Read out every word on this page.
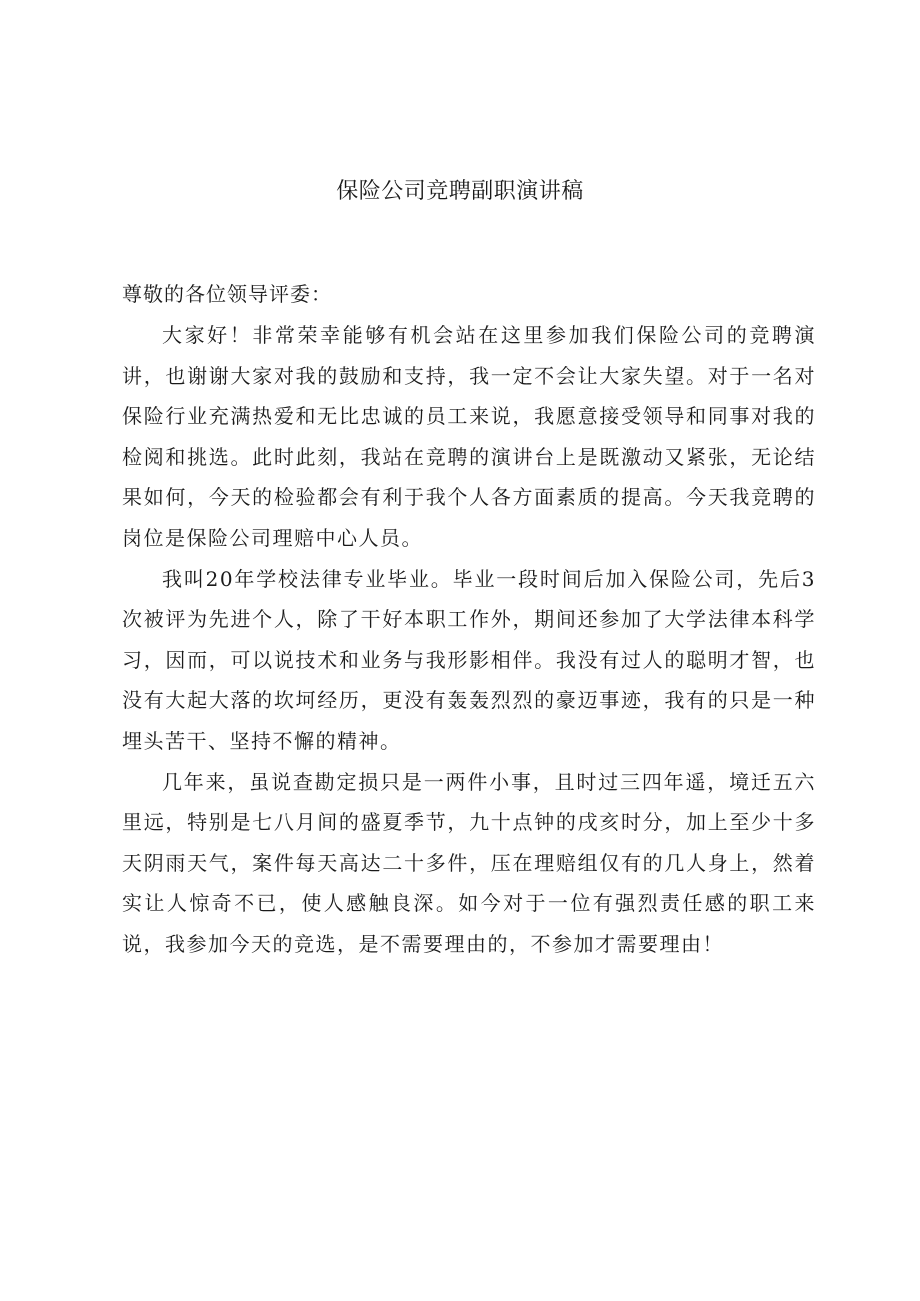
保险公司竞聘副职演讲稿

尊敬的各位领导评委：

大家好！非常荣幸能够有机会站在这里参加我们保险公司的竞聘演讲，也谢谢大家对我的鼓励和支持，我一定不会让大家失望。对于一名对保险行业充满热爱和无比忠诚的员工来说，我愿意接受领导和同事对我的检阅和挑选。此时此刻，我站在竞聘的演讲台上是既激动又紧张，无论结果如何，今天的检验都会有利于我个人各方面素质的提高。今天我竞聘的岗位是保险公司理赔中心人员。

我叫20年学校法律专业毕业。毕业一段时间后加入保险公司，先后3次被评为先进个人，除了干好本职工作外，期间还参加了大学法律本科学习，因而，可以说技术和业务与我形影相伴。我没有过人的聪明才智，也没有大起大落的坎坷经历，更没有轰轰烈烈的豪迈事迹，我有的只是一种埋头苦干、坚持不懈的精神。

几年来，虽说查勘定损只是一两件小事，且时过三四年遥，境迁五六里远，特别是七八月间的盛夏季节，九十点钟的戌亥时分，加上至少十多天阴雨天气，案件每天高达二十多件，压在理赔组仅有的几人身上，然着实让人惊奇不已，使人感触良深。如今对于一位有强烈责任感的职工来说，我参加今天的竞选，是不需要理由的，不参加才需要理由！
